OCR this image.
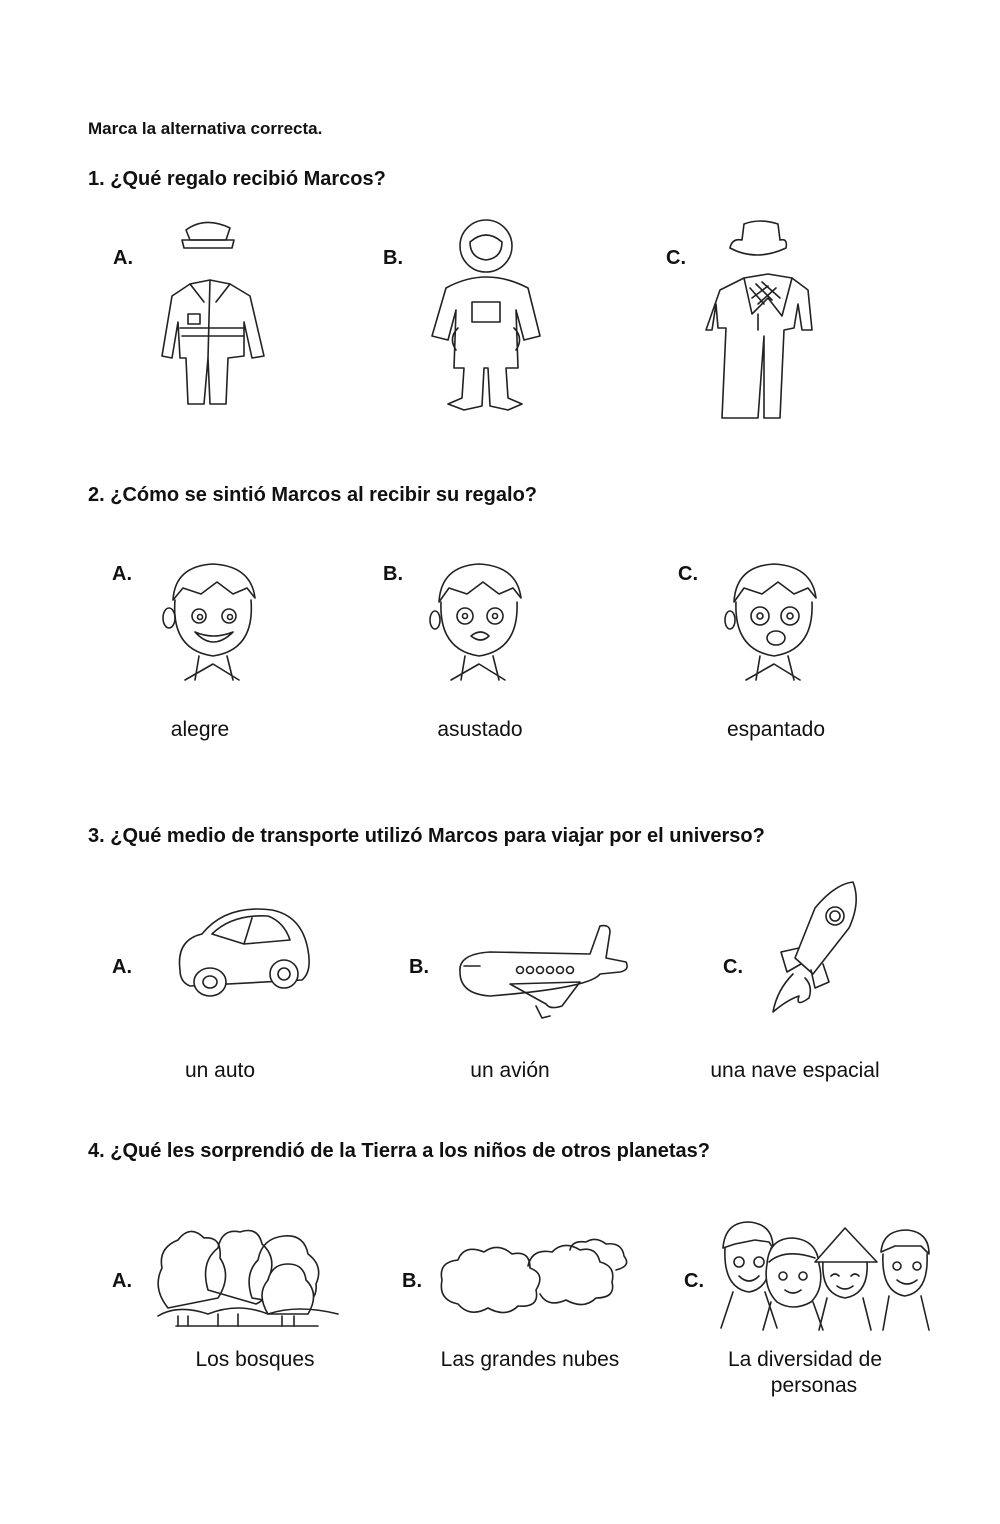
Marca la alternativa correcta.
1. ¿Qué regalo recibió Marcos?
A.	B.	C.
2. ¿Cómo se sintió Marcos al recibir su regalo?
A.
alegre
B.
asustado
C.
espantado
3. ¿Qué medio de transporte utilizó Marcos para viajar por el universo?
A.
un auto
B.
un avión
C.
una nave espacial
4. ¿Qué les sorprendió de la Tierra a los niños de otros planetas?
A.
Los bosques
B.
Las grandes nubes
C.
La diversidad de
personas
